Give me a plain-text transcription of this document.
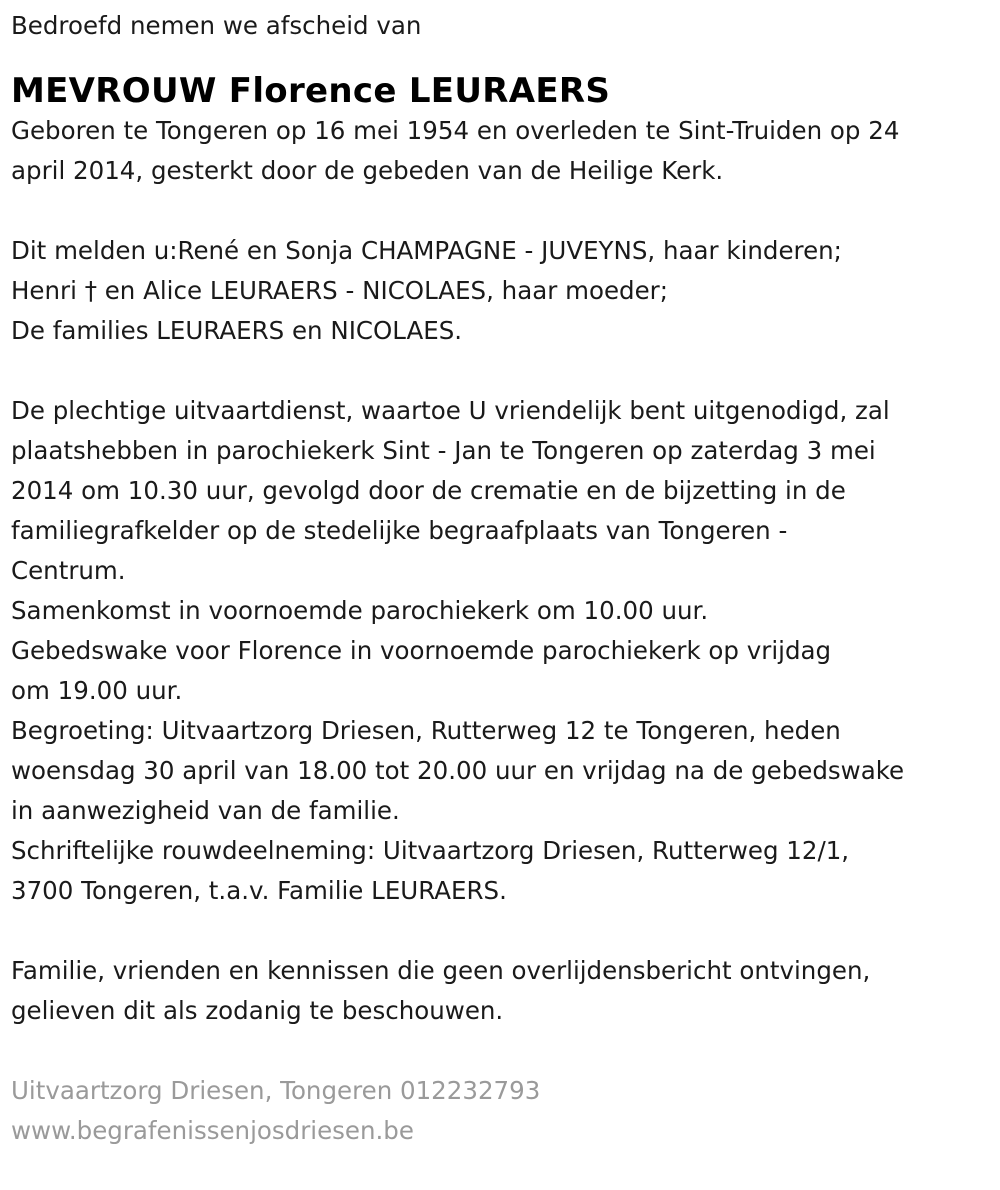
Bedroefd nemen we afscheid van
MEVROUW Florence LEURAERS
Geboren te Tongeren op 16 mei 1954 en overleden te Sint-Truiden op 24
april 2014, gesterkt door de gebeden van de Heilige Kerk.
Dit melden u:René en Sonja CHAMPAGNE - JUVEYNS, haar kinderen;
Henri † en Alice LEURAERS - NICOLAES, haar moeder;
De families LEURAERS en NICOLAES.
De plechtige uitvaartdienst, waartoe U vriendelijk bent uitgenodigd, zal
plaatshebben in parochiekerk Sint - Jan te Tongeren op zaterdag 3 mei
2014 om 10.30 uur, gevolgd door de crematie en de bijzetting in de
familiegrafkelder op de stedelijke begraafplaats van Tongeren -
Centrum.
Samenkomst in voornoemde parochiekerk om 10.00 uur.
Gebedswake voor Florence in voornoemde parochiekerk op vrijdag
om 19.00 uur.
Begroeting: Uitvaartzorg Driesen, Rutterweg 12 te Tongeren, heden
woensdag 30 april van 18.00 tot 20.00 uur en vrijdag na de gebedswake
in aanwezigheid van de familie.
Schriftelijke rouwdeelneming: Uitvaartzorg Driesen, Rutterweg 12/1,
3700 Tongeren, t.a.v. Familie LEURAERS.
Familie, vrienden en kennissen die geen overlijdensbericht ontvingen,
gelieven dit als zodanig te beschouwen.
Uitvaartzorg Driesen, Tongeren 012232793
www.begrafenissenjosdriesen.be
